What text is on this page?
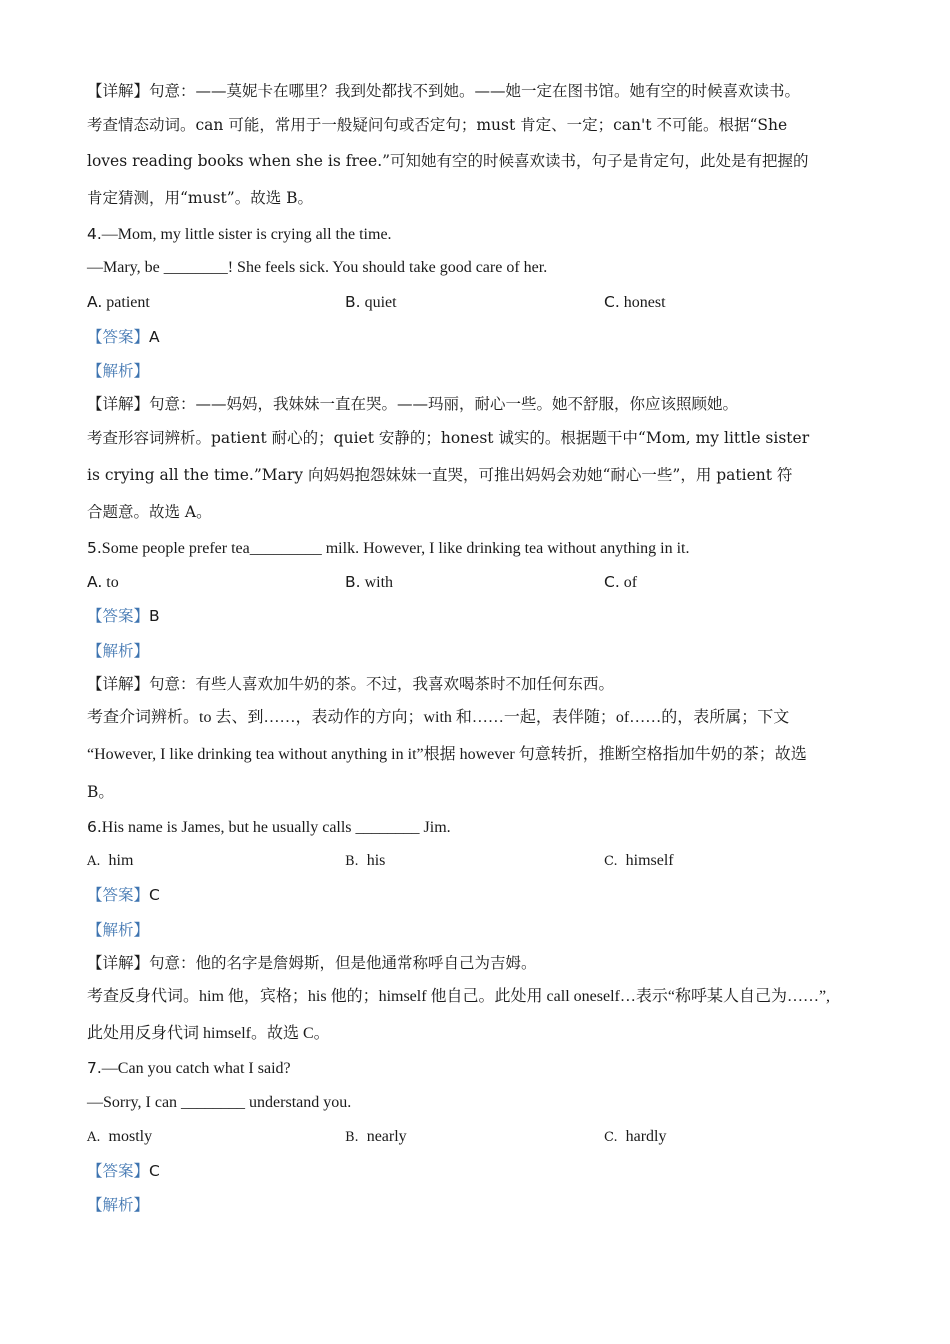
【详解】句意：——莫妮卡在哪里？我到处都找不到她。——她一定在图书馆。她有空的时候喜欢读书。
考查情态动词。can 可能，常用于一般疑问句或否定句；must 肯定、一定；can't 不可能。根据“She
loves reading books when she is free.”可知她有空的时候喜欢读书，句子是肯定句，此处是有把握的
肯定猜测，用“must”。故选 B。
4.—Mom, my little sister is crying all the time.
—Mary, be ________! She feels sick. You should take good care of her.
A. patient	B. quiet	C. honest
【答案】A
【解析】
【详解】句意：——妈妈，我妹妹一直在哭。——玛丽，耐心一些。她不舒服，你应该照顾她。
考查形容词辨析。patient 耐心的；quiet 安静的；honest 诚实的。根据题干中“Mom, my little sister
is crying all the time.”Mary 向妈妈抱怨妹妹一直哭，可推出妈妈会劝她“耐心一些”，用 patient 符
合题意。故选 A。
5.Some people prefer tea_________ milk. However, I like drinking tea without anything in it.
A. to	B. with	C. of
【答案】B
【解析】
【详解】句意：有些人喜欢加牛奶的茶。不过，我喜欢喝茶时不加任何东西。
考查介词辨析。to 去、到……，表动作的方向；with 和……一起，表伴随；of……的，表所属；下文
“However, I like drinking tea without anything in it”根据 however 句意转折，推断空格指加牛奶的茶；故选
B。
6.His name is James, but he usually calls ________ Jim.
A. him	B. his	C. himself
【答案】C
【解析】
【详解】句意：他的名字是詹姆斯，但是他通常称呼自己为吉姆。
考查反身代词。him 他，宾格；his 他的；himself 他自己。此处用 call oneself…表示“称呼某人自己为……”,
此处用反身代词 himself。故选 C。
7.—Can you catch what I said?
—Sorry, I can ________ understand you.
A. mostly	B. nearly	C. hardly
【答案】C
【解析】
